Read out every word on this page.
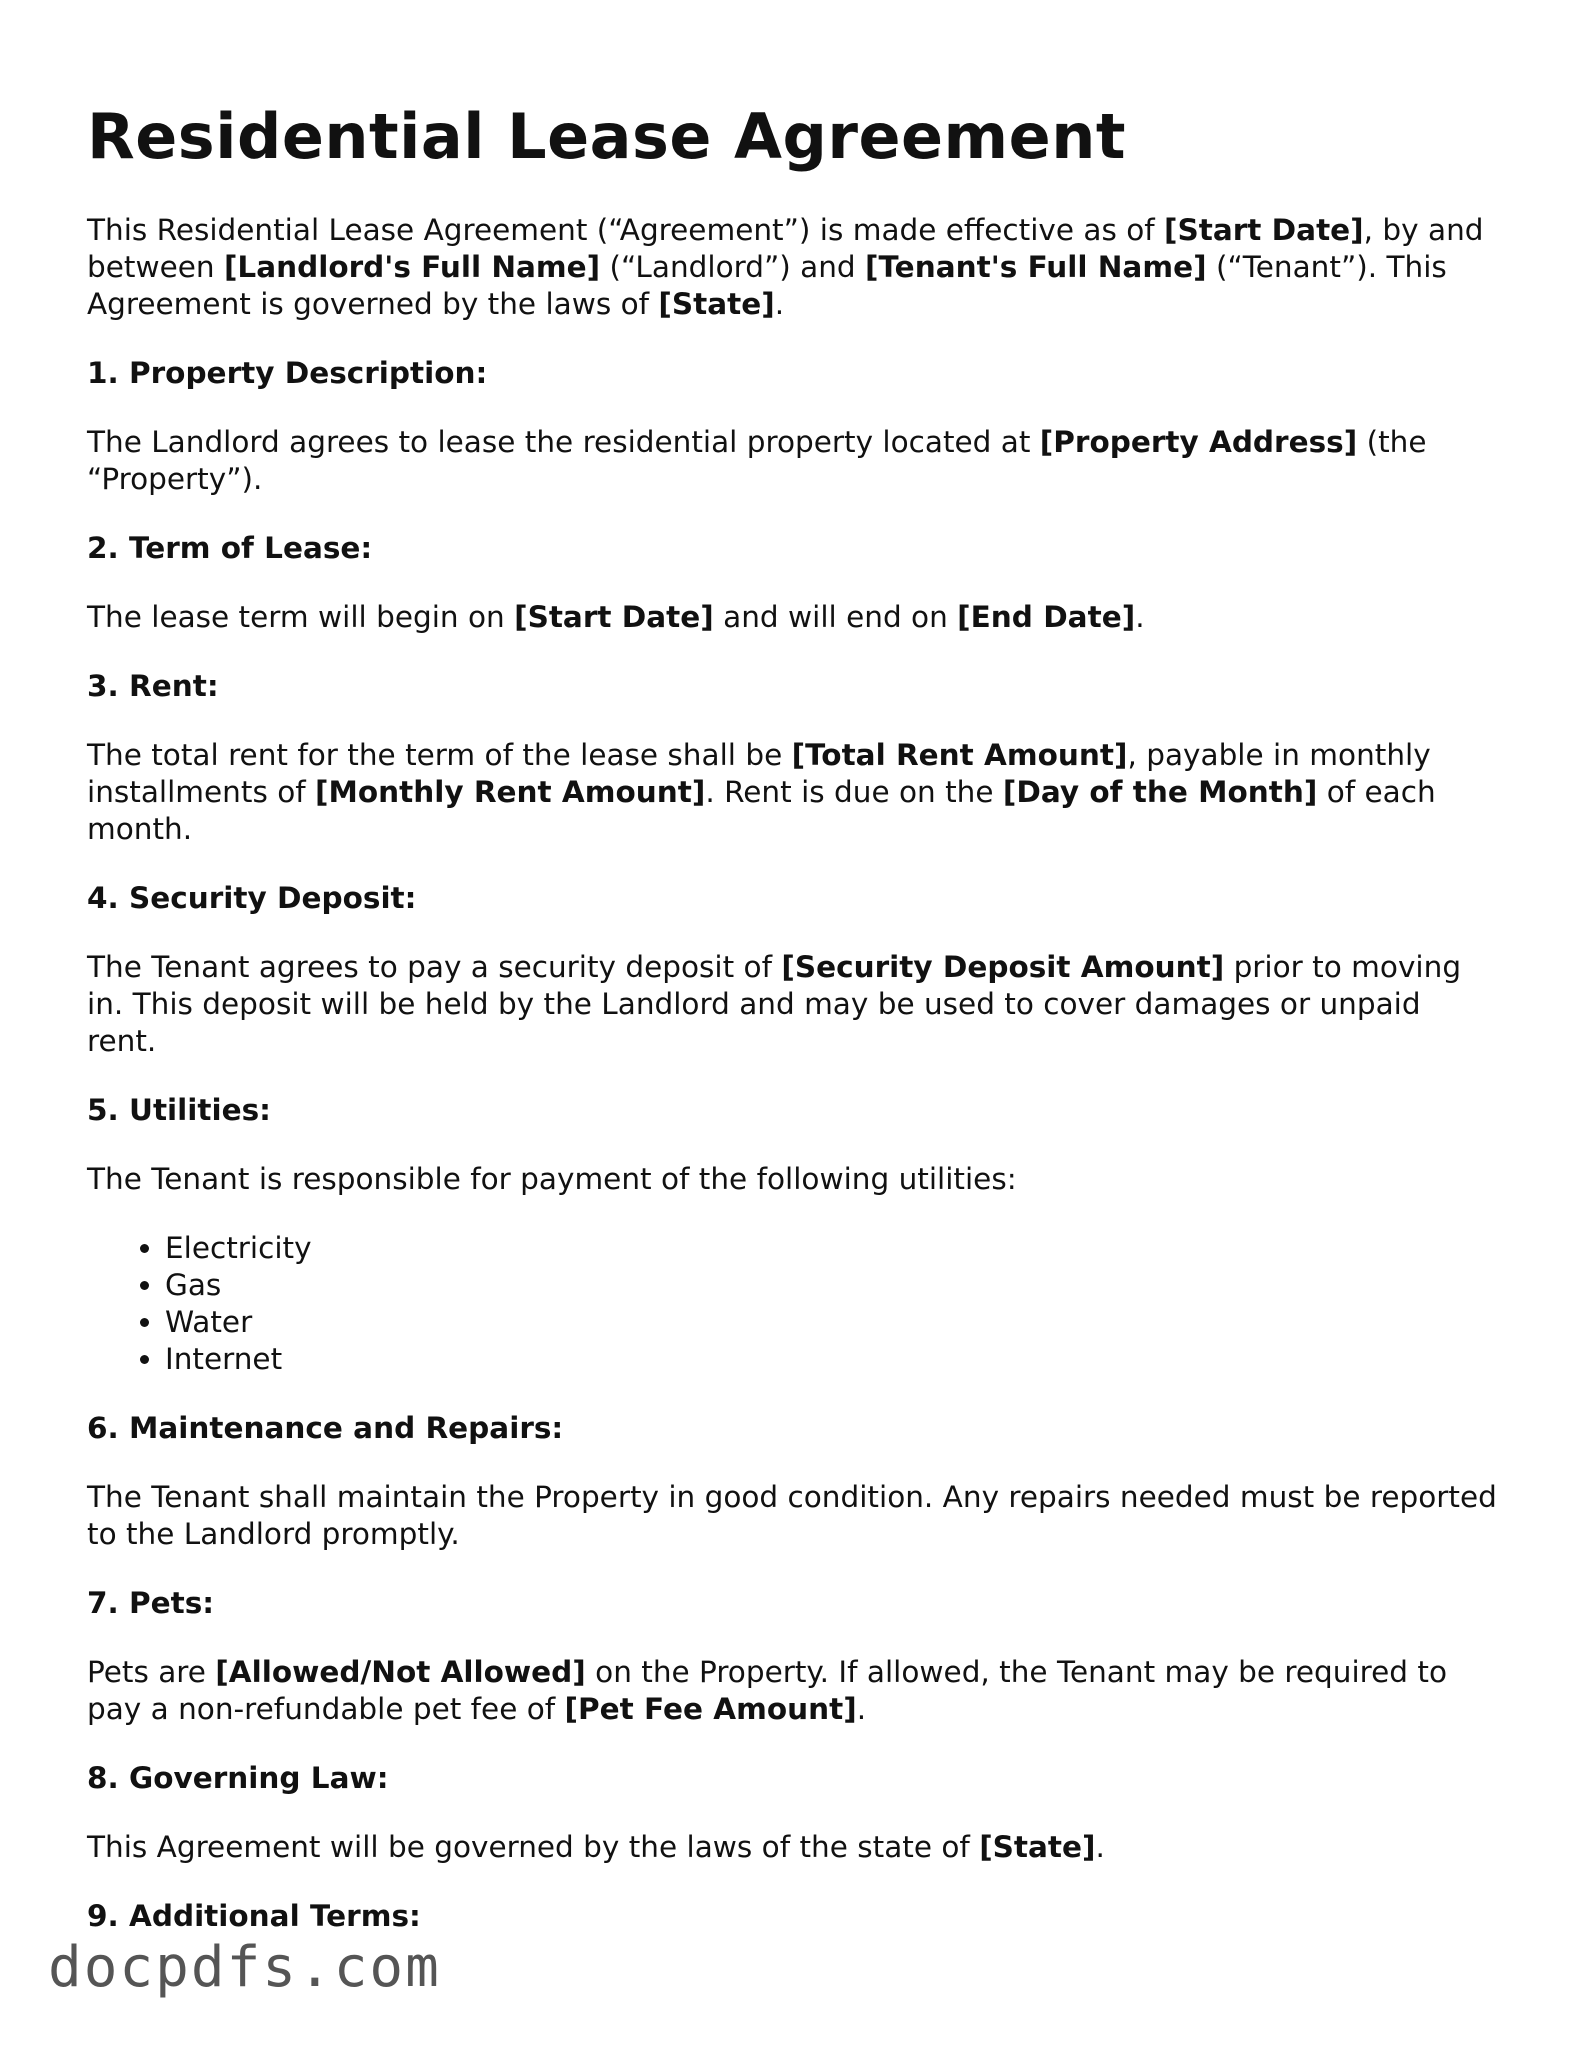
Residential Lease Agreement

This Residential Lease Agreement (“Agreement”) is made effective as of [Start Date], by and between [Landlord's Full Name] (“Landlord”) and [Tenant's Full Name] (“Tenant”). This Agreement is governed by the laws of [State].

1. Property Description:

The Landlord agrees to lease the residential property located at [Property Address] (the “Property”).

2. Term of Lease:

The lease term will begin on [Start Date] and will end on [End Date].

3. Rent:

The total rent for the term of the lease shall be [Total Rent Amount], payable in monthly installments of [Monthly Rent Amount]. Rent is due on the [Day of the Month] of each month.

4. Security Deposit:

The Tenant agrees to pay a security deposit of [Security Deposit Amount] prior to moving in. This deposit will be held by the Landlord and may be used to cover damages or unpaid rent.

5. Utilities:

The Tenant is responsible for payment of the following utilities:

• Electricity
• Gas
• Water
• Internet

6. Maintenance and Repairs:

The Tenant shall maintain the Property in good condition. Any repairs needed must be reported to the Landlord promptly.

7. Pets:

Pets are [Allowed/Not Allowed] on the Property. If allowed, the Tenant may be required to pay a non-refundable pet fee of [Pet Fee Amount].

8. Governing Law:

This Agreement will be governed by the laws of the state of [State].

9. Additional Terms:

docpdfs.com
